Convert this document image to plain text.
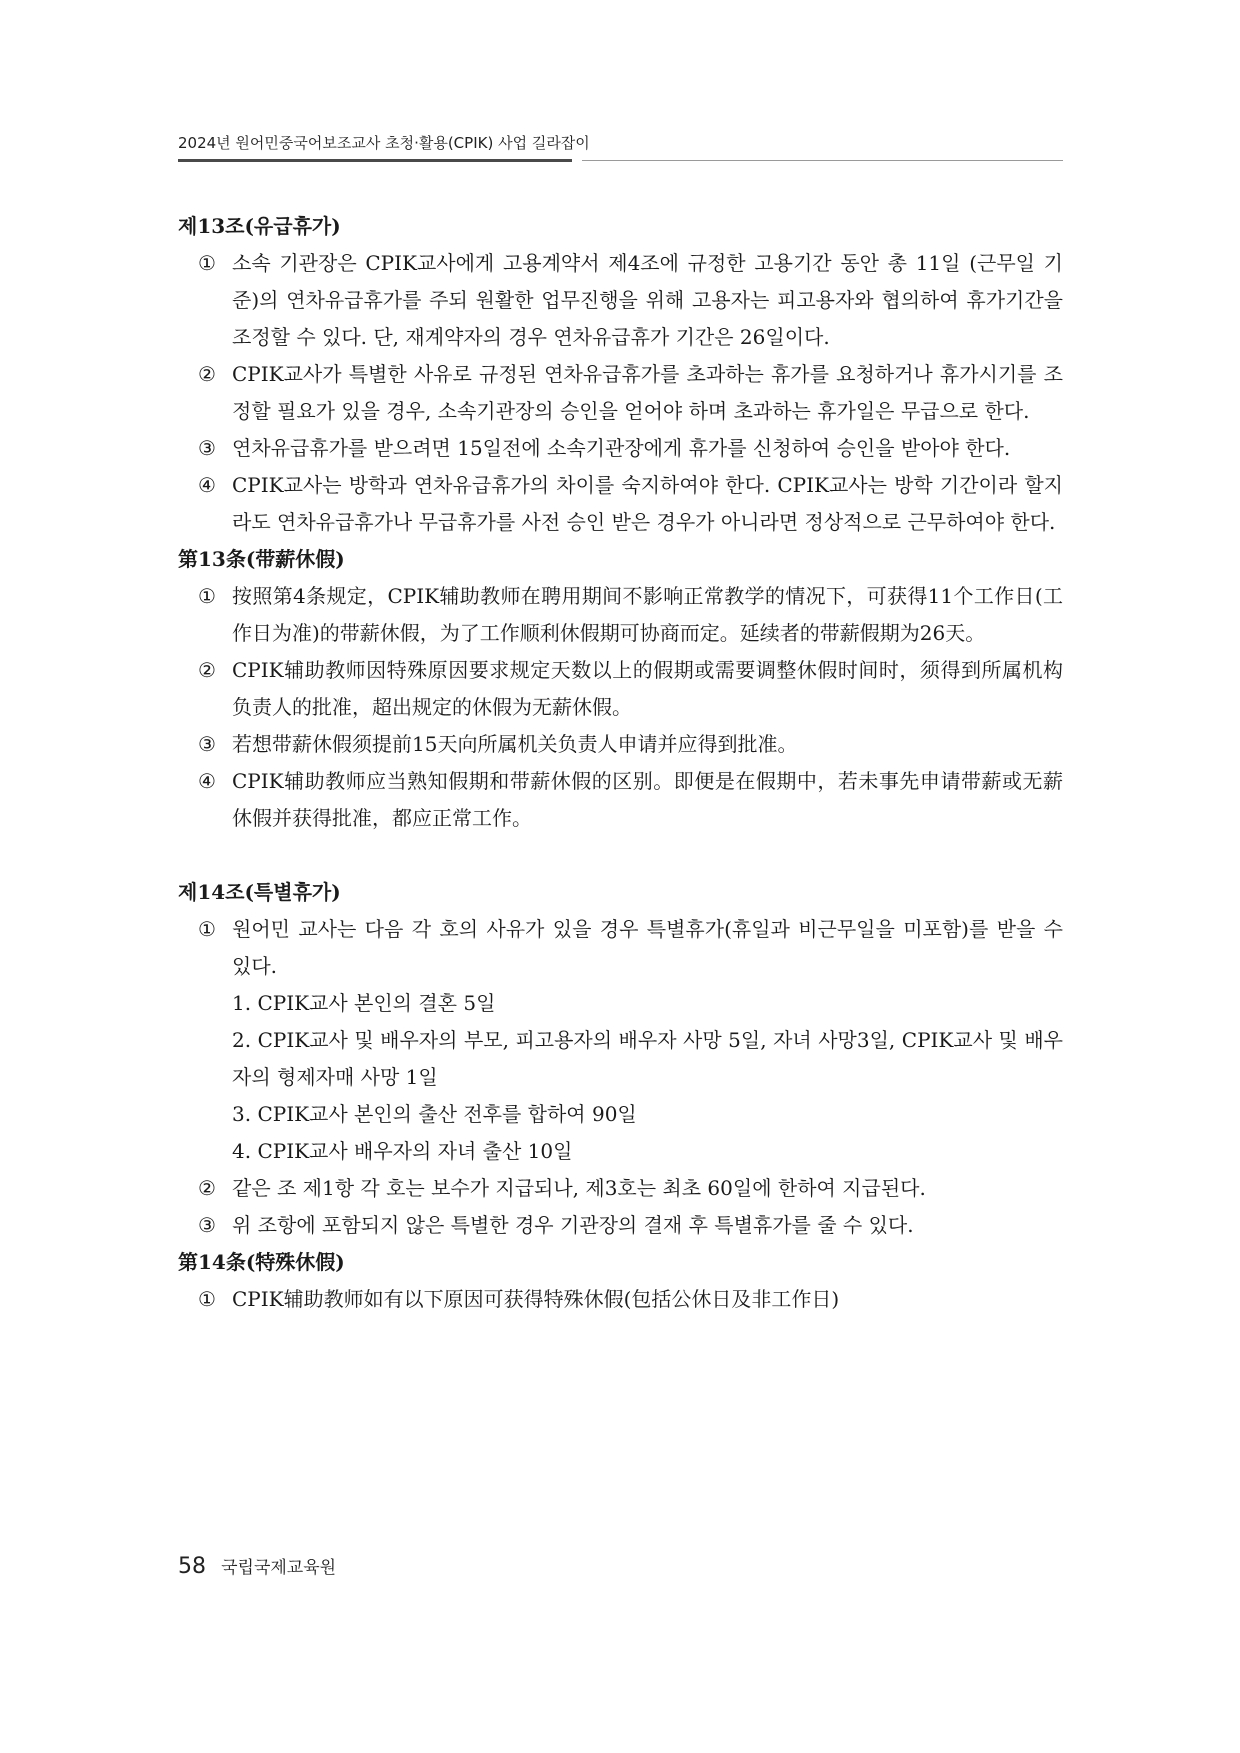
2024년 원어민중국어보조교사 초청·활용(CPIK) 사업 길라잡이
제13조(유급휴가)
① 소속 기관장은 CPIK교사에게 고용계약서 제4조에 규정한 고용기간 동안 총 11일 (근무일 기준)의 연차유급휴가를 주되 원활한 업무진행을 위해 고용자는 피고용자와 협의하여 휴가기간을 조정할 수 있다. 단, 재계약자의 경우 연차유급휴가 기간은 26일이다.
② CPIK교사가 특별한 사유로 규정된 연차유급휴가를 초과하는 휴가를 요청하거나 휴가시기를 조정할 필요가 있을 경우, 소속기관장의 승인을 얻어야 하며 초과하는 휴가일은 무급으로 한다.
③ 연차유급휴가를 받으려면 15일전에 소속기관장에게 휴가를 신청하여 승인을 받아야 한다.
④ CPIK교사는 방학과 연차유급휴가의 차이를 숙지하여야 한다. CPIK교사는 방학 기간이라 할지라도 연차유급휴가나 무급휴가를 사전 승인 받은 경우가 아니라면 정상적으로 근무하여야 한다.
第13条(带薪休假)
① 按照第4条规定，CPIK辅助教师在聘用期间不影响正常教学的情况下，可获得11个工作日(工作日为准)的带薪休假，为了工作顺利休假期可协商而定。延续者的带薪假期为26天。
② CPIK辅助教师因特殊原因要求规定天数以上的假期或需要调整休假时间时，须得到所属机构负责人的批准，超出规定的休假为无薪休假。
③ 若想带薪休假须提前15天向所属机关负责人申请并应得到批准。
④ CPIK辅助教师应当熟知假期和带薪休假的区别。即便是在假期中，若未事先申请带薪或无薪休假并获得批准，都应正常工作。
제14조(특별휴가)
① 원어민 교사는 다음 각 호의 사유가 있을 경우 특별휴가(휴일과 비근무일을 미포함)를 받을 수 있다.
1. CPIK교사 본인의 결혼 5일
2. CPIK교사 및 배우자의 부모, 피고용자의 배우자 사망 5일, 자녀 사망3일, CPIK교사 및 배우자의 형제자매 사망 1일
3. CPIK교사 본인의 출산 전후를 합하여 90일
4. CPIK교사 배우자의 자녀 출산 10일
② 같은 조 제1항 각 호는 보수가 지급되나, 제3호는 최초 60일에 한하여 지급된다.
③ 위 조항에 포함되지 않은 특별한 경우 기관장의 결재 후 특별휴가를 줄 수 있다.
第14条(特殊休假)
① CPIK辅助教师如有以下原因可获得特殊休假(包括公休日及非工作日)
58 국립국제교육원
